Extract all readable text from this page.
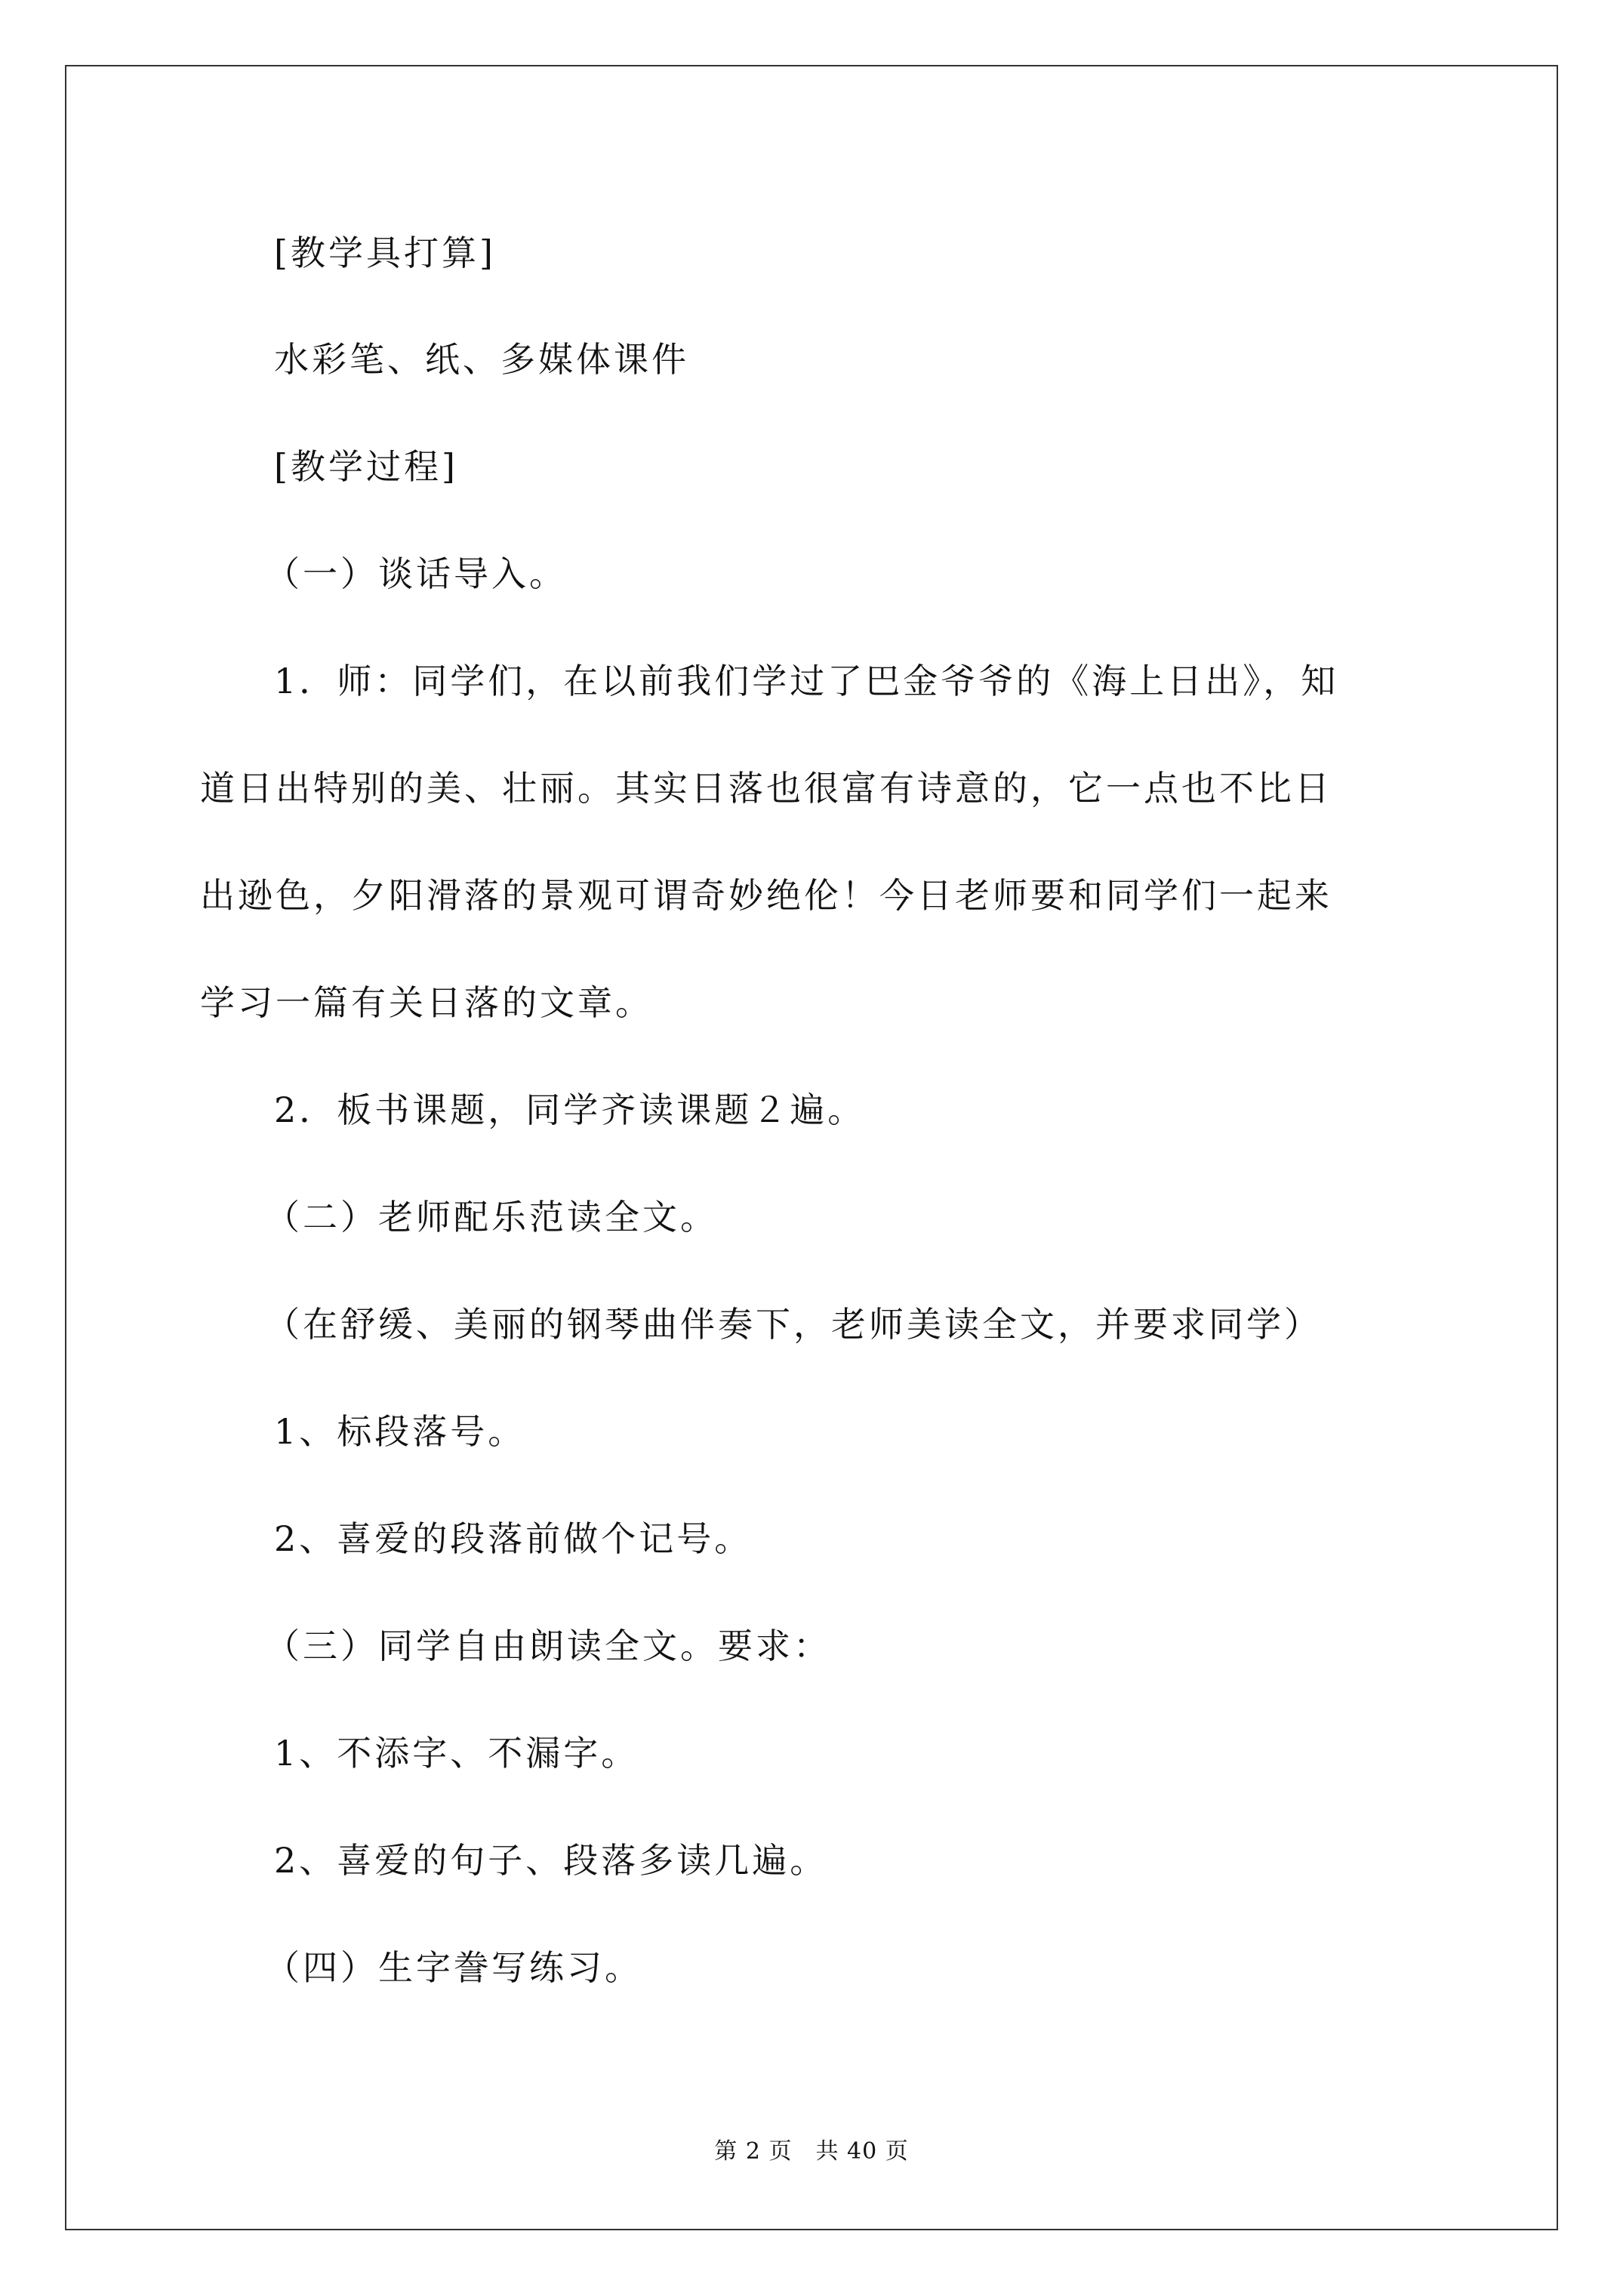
[教学具打算]
水彩笔、纸、多媒体课件
[教学过程]
（一）谈话导入。
1．师：同学们，在以前我们学过了巴金爷爷的《海上日出》，知
道日出特别的美、壮丽。其实日落也很富有诗意的，它一点也不比日
出逊色，夕阳滑落的景观可谓奇妙绝伦！今日老师要和同学们一起来
学习一篇有关日落的文章。
2．板书课题，同学齐读课题２遍。
（二）老师配乐范读全文。
（在舒缓、美丽的钢琴曲伴奏下，老师美读全文，并要求同学）
1、标段落号。
2、喜爱的段落前做个记号。
（三）同学自由朗读全文。要求：
1、不添字、不漏字。
2、喜爱的句子、段落多读几遍。
（四）生字誊写练习。
第 2 页　共 40 页
